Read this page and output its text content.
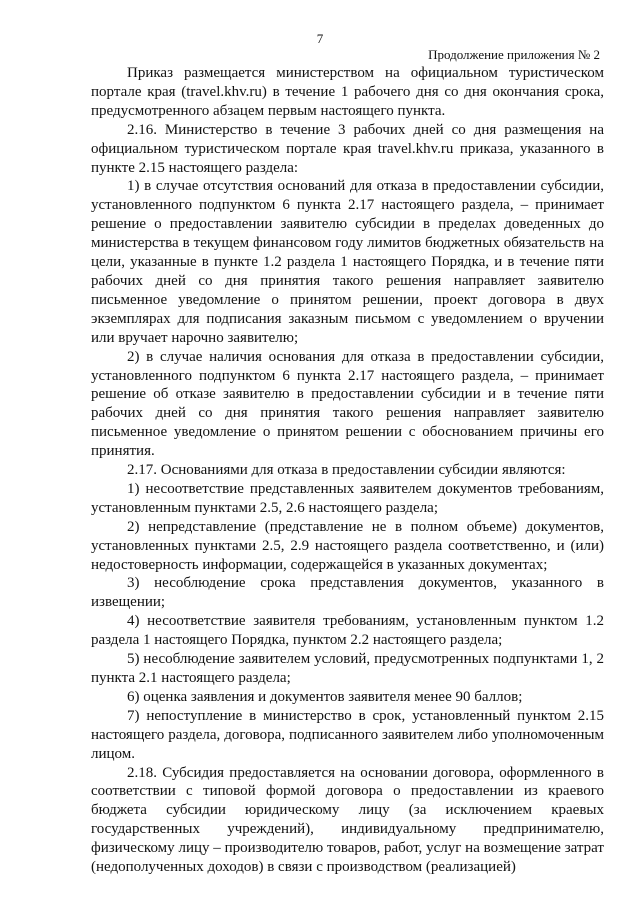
7
Продолжение приложения № 2

Приказ размещается министерством на официальном туристическом портале края (travel.khv.ru) в течение 1 рабочего дня со дня окончания срока, предусмотренного абзацем первым настоящего пункта.

2.16. Министерство в течение 3 рабочих дней со дня размещения на официальном туристическом портале края travel.khv.ru приказа, указанного в пункте 2.15 настоящего раздела:

1) в случае отсутствия оснований для отказа в предоставлении субсидии, установленного подпунктом 6 пункта 2.17 настоящего раздела, – принимает решение о предоставлении заявителю субсидии в пределах доведенных до министерства в текущем финансовом году лимитов бюджетных обязательств на цели, указанные в пункте 1.2 раздела 1 настоящего Порядка, и в течение пяти рабочих дней со дня принятия такого решения направляет заявителю письменное уведомление о принятом решении, проект договора в двух экземплярах для подписания заказным письмом с уведомлением о вручении или вручает нарочно заявителю;

2) в случае наличия основания для отказа в предоставлении субсидии, установленного подпунктом 6 пункта 2.17 настоящего раздела, – принимает решение об отказе заявителю в предоставлении субсидии и в течение пяти рабочих дней со дня принятия такого решения направляет заявителю письменное уведомление о принятом решении с обоснованием причины его принятия.

2.17. Основаниями для отказа в предоставлении субсидии являются:

1) несоответствие представленных заявителем документов требованиям, установленным пунктами 2.5, 2.6 настоящего раздела;

2) непредставление (представление не в полном объеме) документов, установленных пунктами 2.5, 2.9 настоящего раздела соответственно, и (или) недостоверность информации, содержащейся в указанных документах;

3) несоблюдение срока представления документов, указанного в извещении;

4) несоответствие заявителя требованиям, установленным пунктом 1.2 раздела 1 настоящего Порядка, пунктом 2.2 настоящего раздела;

5) несоблюдение заявителем условий, предусмотренных подпунктами 1, 2 пункта 2.1 настоящего раздела;

6) оценка заявления и документов заявителя менее 90 баллов;

7) непоступление в министерство в срок, установленный пунктом 2.15 настоящего раздела, договора, подписанного заявителем либо уполномоченным лицом.

2.18. Субсидия предоставляется на основании договора, оформленного в соответствии с типовой формой договора о предоставлении из краевого бюджета субсидии юридическому лицу (за исключением краевых государственных учреждений), индивидуальному предпринимателю, физическому лицу – производителю товаров, работ, услуг на возмещение затрат (недополученных доходов) в связи с производством (реализацией)
